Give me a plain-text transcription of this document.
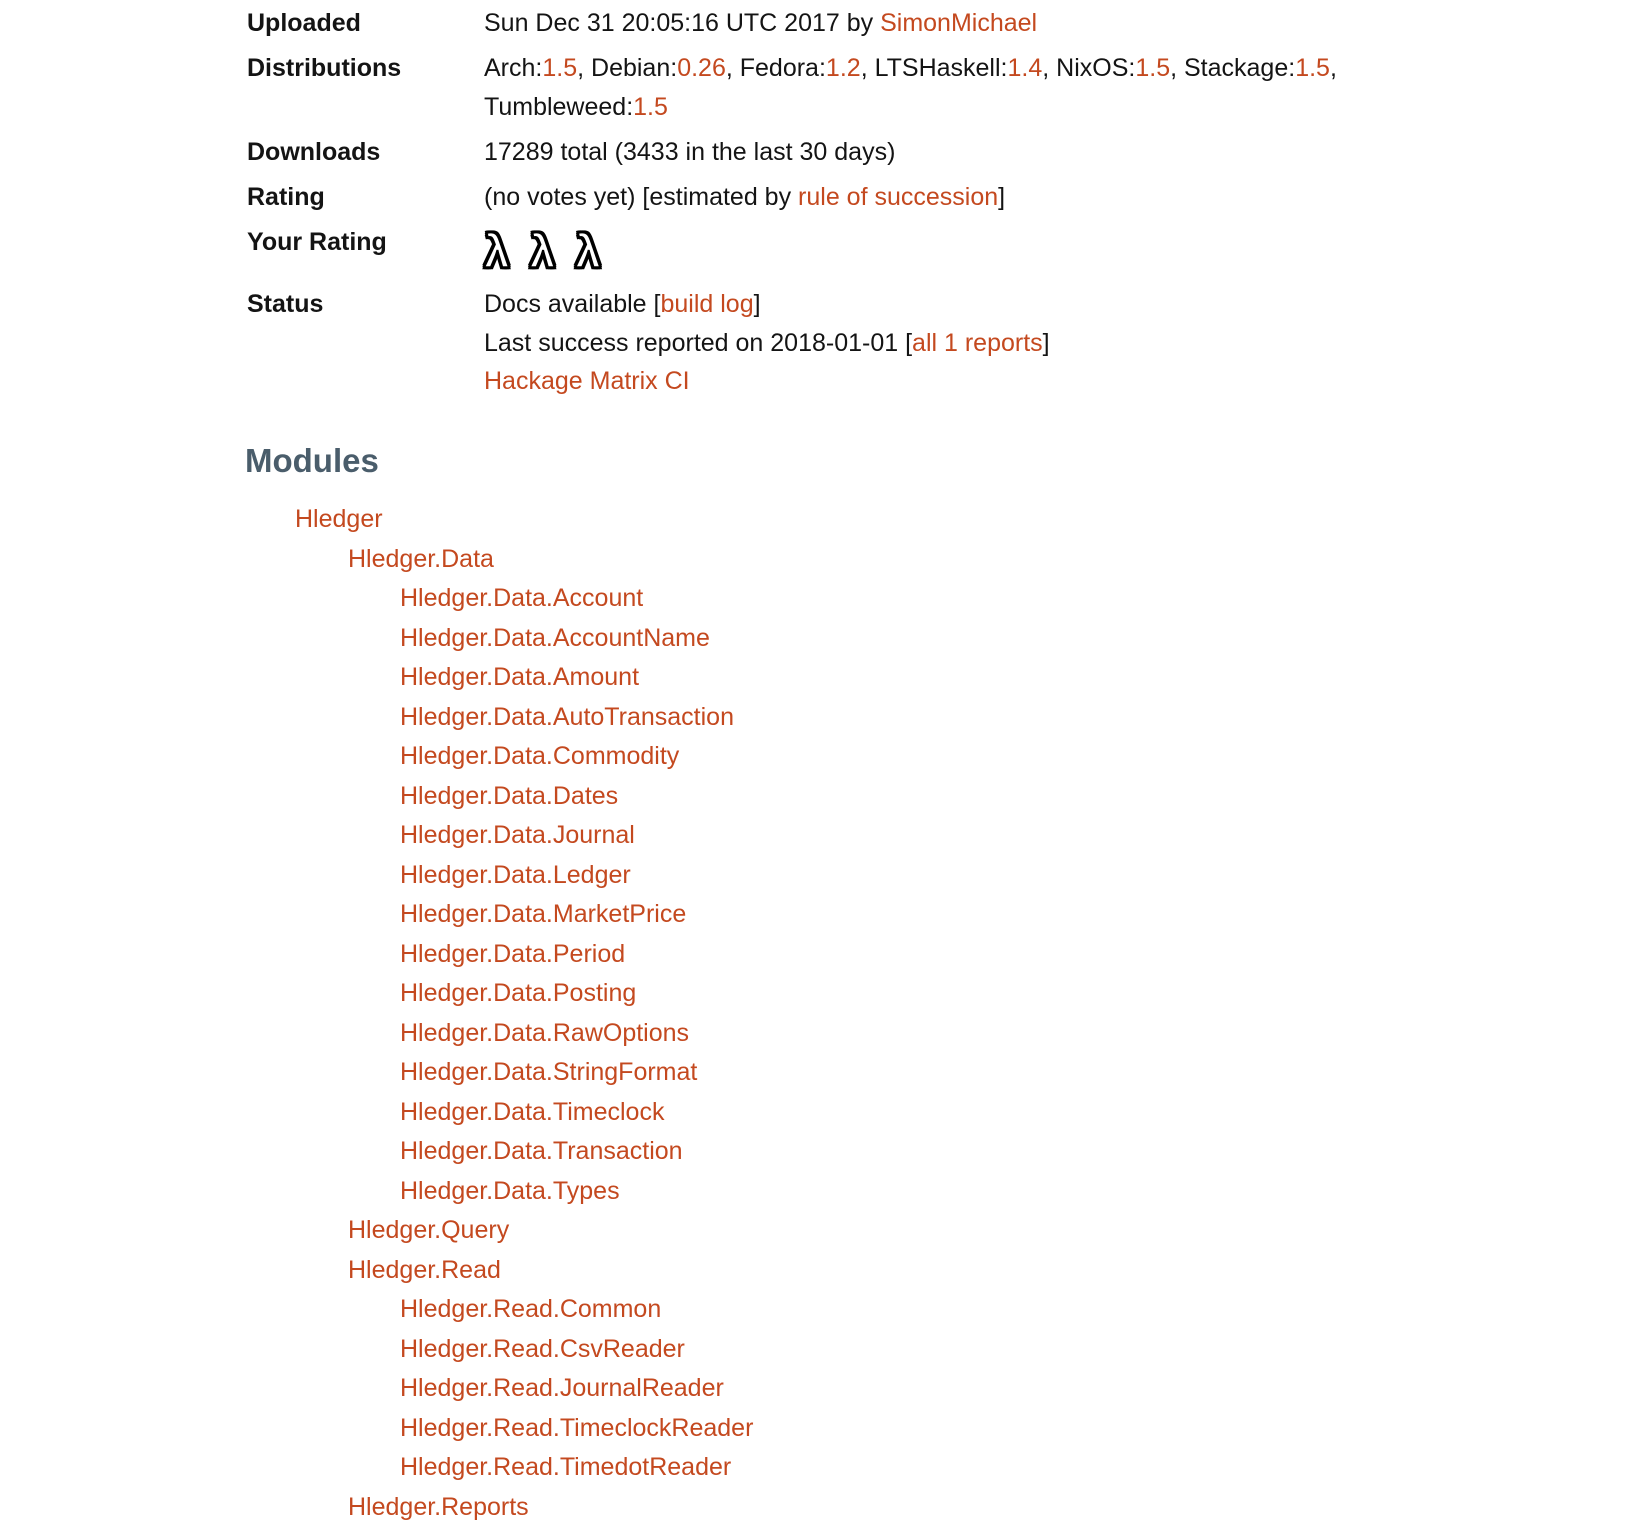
Uploaded	Sun Dec 31 20:05:16 UTC 2017 by SimonMichael
Distributions	Arch:1.5, Debian:0.26, Fedora:1.2, LTSHaskell:1.4, NixOS:1.5, Stackage:1.5,
Tumbleweed:1.5

Downloads	17289 total (3433 in the last 30 days)
Rating	(no votes yet) [estimated by rule of succession]
Your Rating	λ λ λ
Status	Docs available [build log]
Last success reported on 2018-01-01 [all 1 reports]
Hackage Matrix CI
Modules
Hledger
Hledger.Data
Hledger.Data.Account
Hledger.Data.AccountName
Hledger.Data.Amount
Hledger.Data.AutoTransaction
Hledger.Data.Commodity
Hledger.Data.Dates
Hledger.Data.Journal
Hledger.Data.Ledger
Hledger.Data.MarketPrice
Hledger.Data.Period
Hledger.Data.Posting
Hledger.Data.RawOptions
Hledger.Data.StringFormat
Hledger.Data.Timeclock
Hledger.Data.Transaction
Hledger.Data.Types
Hledger.Query
Hledger.Read
Hledger.Read.Common
Hledger.Read.CsvReader
Hledger.Read.JournalReader
Hledger.Read.TimeclockReader
Hledger.Read.TimedotReader
Hledger.Reports
